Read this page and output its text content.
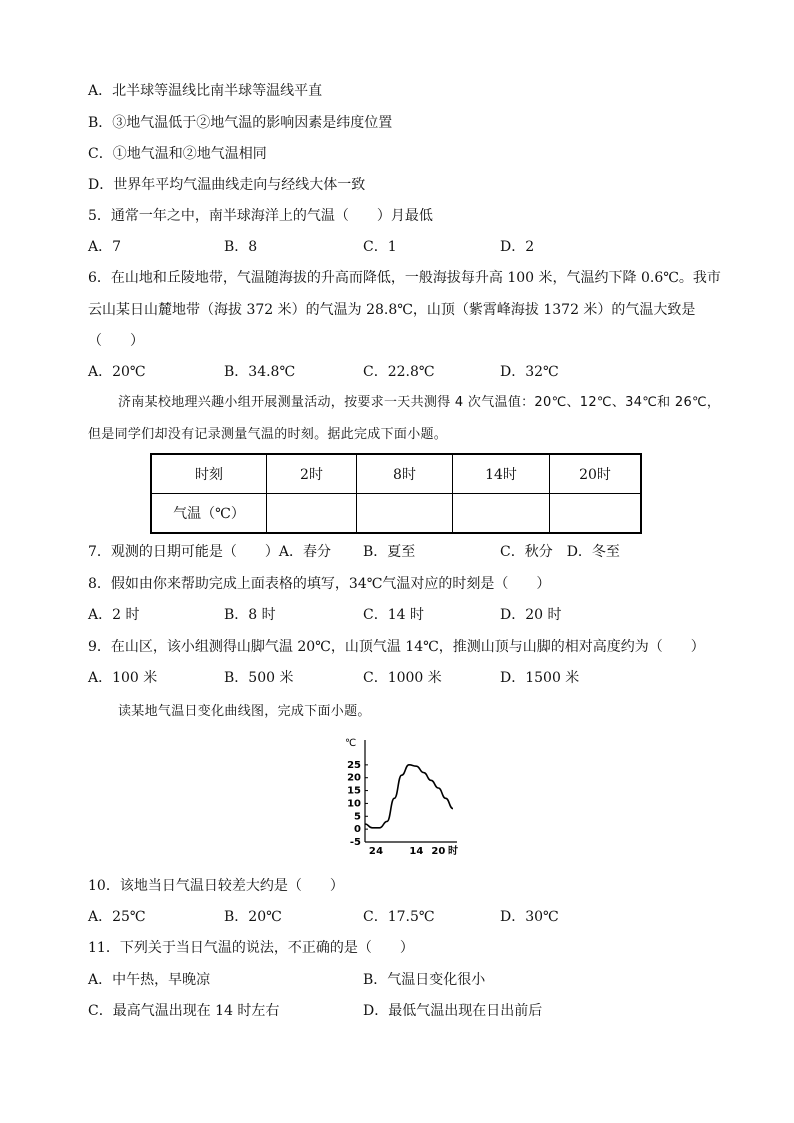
A．北半球等温线比南半球等温线平直
B．③地气温低于②地气温的影响因素是纬度位置
C．①地气温和②地气温相同
D．世界年平均气温曲线走向与经线大体一致
5．通常一年之中，南半球海洋上的气温（　　）月最低
A．7	B．8	C．1	D．2
6．在山地和丘陵地带，气温随海拔的升高而降低，一般海拔每升高 100 米，气温约下降 0.6℃。我市
云山某日山麓地带（海拔 372 米）的气温为 28.8℃，山顶（紫霄峰海拔 1372 米）的气温大致是
（　　）
A．20℃	B．34.8℃	C．22.8℃	D．32℃
济南某校地理兴趣小组开展测量活动，按要求一天共测得 4 次气温值：20℃、12℃、34℃和 26℃，
但是同学们却没有记录测量气温的时刻。据此完成下面小题。
时刻	2时	8时	14时	20时
气温（℃）				
7．观测的日期可能是（　　）A．春分 B．夏至	C．秋分　D．冬至
8．假如由你来帮助完成上面表格的填写，34℃气温对应的时刻是（　　）
A．2 时	B．8 时	C．14 时	D．20 时
9．在山区，该小组测得山脚气温 20℃，山顶气温 14℃，推测山顶与山脚的相对高度约为（　　）
A．100 米	B．500 米	C．1000 米	D．1500 米
读某地气温日变化曲线图，完成下面小题。
℃
25
20
15
10
5
0
-5
2 4	14 20 时
10．该地当日气温日较差大约是（　　）
A．25℃	B．20℃	C．17.5℃	D．30℃
11．下列关于当日气温的说法，不正确的是（　　）
A．中午热，早晚凉	B．气温日变化很小
C．最高气温出现在 14 时左右	D．最低气温出现在日出前后
